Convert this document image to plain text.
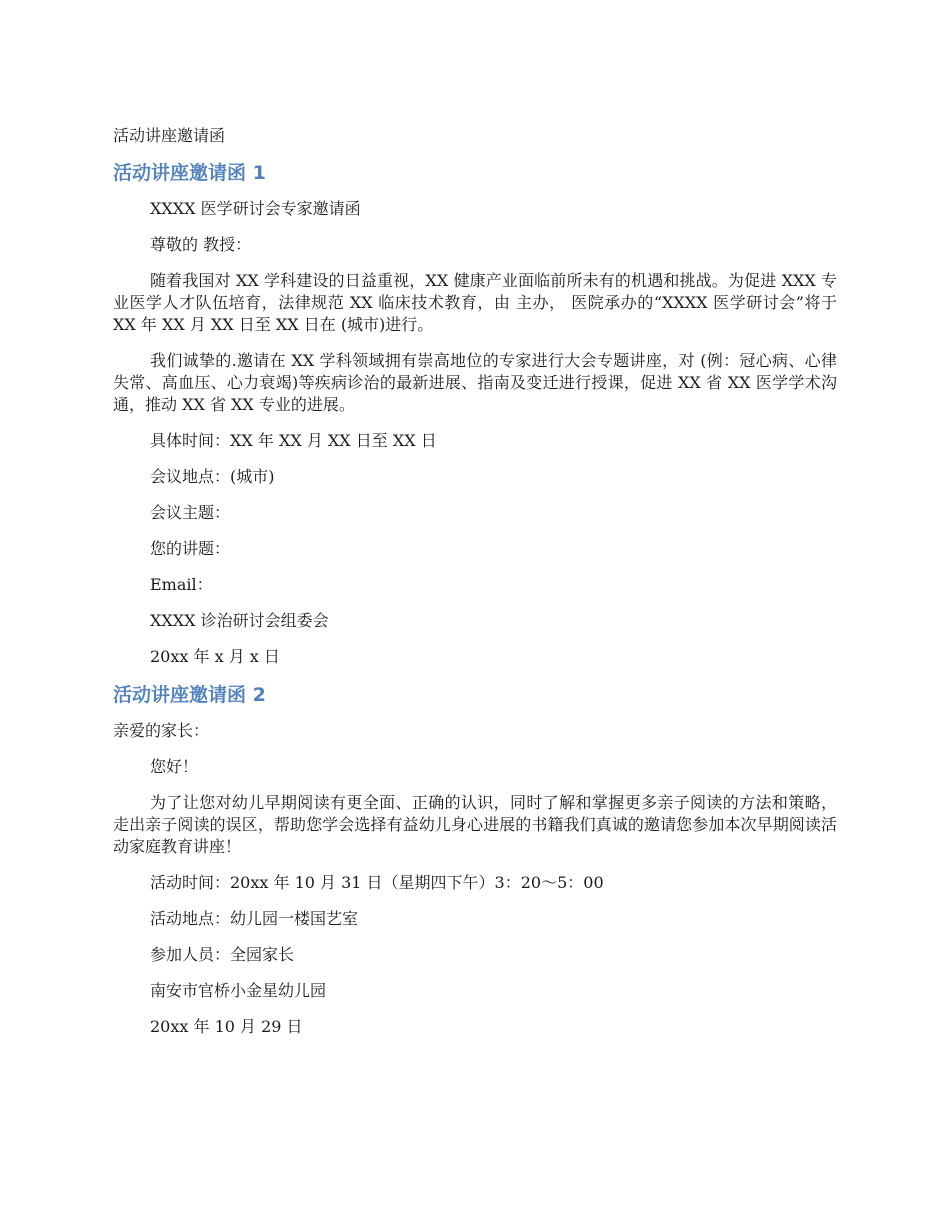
活动讲座邀请函
活动讲座邀请函 1

XXXX 医学研讨会专家邀请函

尊敬的 教授：

随着我国对 XX 学科建设的日益重视，XX 健康产业面临前所未有的机遇和挑战。为促进 XXX 专业医学人才队伍培育，法律规范 XX 临床技术教育，由 主办， 医院承办的“XXXX 医学研讨会”将于 XX 年 XX 月 XX 日至 XX 日在 (城市)进行。

我们诚挚的.邀请在 XX 学科领域拥有崇高地位的专家进行大会专题讲座，对 (例：冠心病、心律失常、高血压、心力衰竭)等疾病诊治的最新进展、指南及变迁进行授课，促进 XX 省 XX 医学学术沟通，推动 XX 省 XX 专业的进展。

具体时间：XX 年 XX 月 XX 日至 XX 日

会议地点：(城市)

会议主题：

您的讲题：

Email：

XXXX 诊治研讨会组委会

20xx 年 x 月 x 日

活动讲座邀请函 2

亲爱的家长：

您好！

为了让您对幼儿早期阅读有更全面、正确的认识，同时了解和掌握更多亲子阅读的方法和策略，走出亲子阅读的误区，帮助您学会选择有益幼儿身心进展的书籍我们真诚的邀请您参加本次早期阅读活动家庭教育讲座！

活动时间：20xx 年 10 月 31 日（星期四下午）3：20～5：00

活动地点：幼儿园一楼国艺室

参加人员：全园家长

南安市官桥小金星幼儿园

20xx 年 10 月 29 日
